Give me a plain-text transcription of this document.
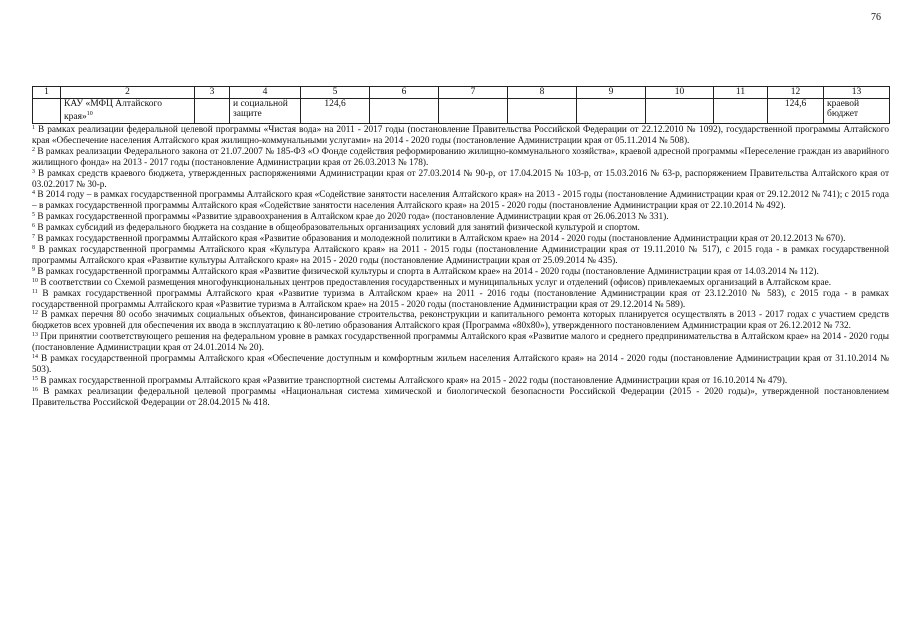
76
1	2	3	4	5	6	7	8	9	10	11	12	13
	КАУ «МФЦ Алтайского края»$^{10}$		и социальной защите	124,6							124,6	краевой бюджет

$^1$ В рамках реализации федеральной целевой программы «Чистая вода» на 2011 - 2017 годы (постановление Правительства Российской Федерации от 22.12.2010 № 1092), государственной программы Алтайского края «Обеспечение населения Алтайского края жилищно-коммунальными услугами» на 2014 - 2020 годы (постановление Администрации края от 05.11.2014 № 508).

$^2$ В рамках реализации Федерального закона от 21.07.2007 № 185-ФЗ «О Фонде содействия реформированию жилищно-коммунального хозяйства», краевой адресной программы «Переселение граждан из аварийного жилищного фонда» на 2013 - 2017 годы (постановление Администрации края от 26.03.2013 № 178).

$^3$ В рамках средств краевого бюджета, утвержденных распоряжениями Администрации края от 27.03.2014 № 90-р, от 17.04.2015 № 103-р, от 15.03.2016 № 63-р, распоряжением Правительства Алтайского края от 03.02.2017 № 30-р.

$^4$ В 2014 году – в рамках государственной программы Алтайского края «Содействие занятости населения Алтайского края» на 2013 - 2015 годы (постановление Администрации края от 29.12.2012 № 741); с 2015 года – в рамках государственной программы Алтайского края «Содействие занятости населения Алтайского края» на 2015 - 2020 годы (постановление Администрации края от 22.10.2014 № 492).

$^5$ В рамках государственной программы «Развитие здравоохранения в Алтайском крае до 2020 года» (постановление Администрации края от 26.06.2013 № 331).

$^6$ В рамках субсидий из федерального бюджета на создание в общеобразовательных организациях условий для занятий физической культурой и спортом.

$^7$ В рамках государственной программы Алтайского края «Развитие образования и молодежной политики в Алтайском крае» на 2014 - 2020 годы (постановление Администрации края от 20.12.2013 № 670).

$^8$ В рамках государственной программы Алтайского края «Культура Алтайского края» на 2011 - 2015 годы (постановление Администрации края от 19.11.2010 № 517), с 2015 года - в рамках государственной программы Алтайского края «Развитие культуры Алтайского края» на 2015 - 2020 годы (постановление Администрации края от 25.09.2014 № 435).

$^9$ В рамках государственной программы Алтайского края «Развитие физической культуры и спорта в Алтайском крае» на 2014 - 2020 годы (постановление Администрации края от 14.03.2014 № 112).

$^{10}$ В соответствии со Схемой размещения многофункциональных центров предоставления государственных и муниципальных услуг и отделений (офисов) привлекаемых организаций в Алтайском крае.

$^{11}$ В рамках государственной программы Алтайского края «Развитие туризма в Алтайском крае» на 2011 - 2016 годы (постановление Администрации края от 23.12.2010 № 583), с 2015 года - в рамках государственной программы Алтайского края «Развитие туризма в Алтайском крае» на 2015 - 2020 годы (постановление Администрации края от 29.12.2014 № 589).

$^{12}$ В рамках перечня 80 особо значимых социальных объектов, финансирование строительства, реконструкции и капитального ремонта которых планируется осуществлять в 2013 - 2017 годах с участием средств бюджетов всех уровней для обеспечения их ввода в эксплуатацию к 80-летию образования Алтайского края (Программа «80х80»), утвержденного постановлением Администрации края от 26.12.2012 № 732.

$^{13}$ При принятии соответствующего решения на федеральном уровне в рамках государственной программы Алтайского края «Развитие малого и среднего предпринимательства в Алтайском крае» на 2014 - 2020 годы (постановление Администрации края от 24.01.2014 № 20).

$^{14}$ В рамках государственной программы Алтайского края «Обеспечение доступным и комфортным жильем населения Алтайского края» на 2014 - 2020 годы (постановление Администрации края от 31.10.2014 № 503).

$^{15}$ В рамках государственной программы Алтайского края «Развитие транспортной системы Алтайского края» на 2015 - 2022 годы (постановление Администрации края от 16.10.2014 № 479).

$^{16}$ В рамках реализации федеральной целевой программы «Национальная система химической и биологической безопасности Российской Федерации (2015 - 2020 годы)», утвержденной постановлением Правительства Российской Федерации от 28.04.2015 № 418.
